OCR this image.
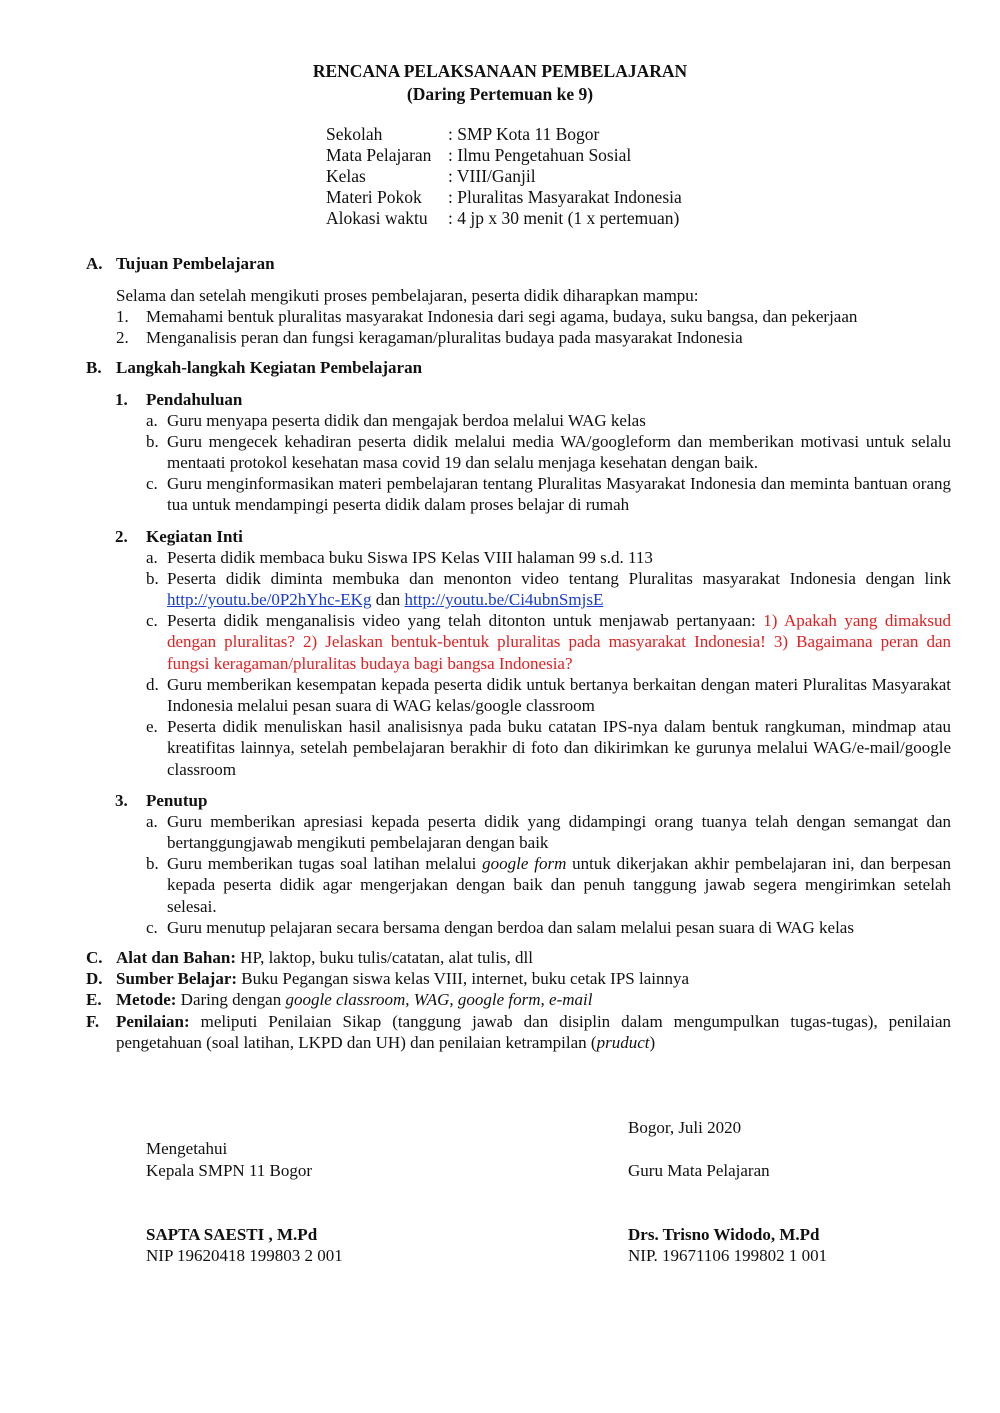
RENCANA PELAKSANAAN PEMBELAJARAN
(Daring Pertemuan ke 9)
Sekolah	: SMP Kota 11 Bogor
Mata Pelajaran : Ilmu Pengetahuan Sosial
Kelas	: VIII/Ganjil
Materi Pokok	: Pluralitas Masyarakat Indonesia
Alokasi waktu	: 4 jp x 30 menit (1 x pertemuan)
A. Tujuan Pembelajaran
Selama dan setelah mengikuti proses pembelajaran, peserta didik diharapkan mampu:
1. Memahami bentuk pluralitas masyarakat Indonesia dari segi agama, budaya, suku bangsa, dan pekerjaan
2. Menganalisis peran dan fungsi keragaman/pluralitas budaya pada masyarakat Indonesia
B. Langkah-langkah Kegiatan Pembelajaran
1. Pendahuluan
a. Guru menyapa peserta didik dan mengajak berdoa melalui WAG kelas
b. Guru mengecek kehadiran peserta didik melalui media WA/googleform dan memberikan motivasi untuk selalu mentaati protokol kesehatan masa covid 19 dan selalu menjaga kesehatan dengan baik.
c. Guru menginformasikan materi pembelajaran tentang Pluralitas Masyarakat Indonesia dan meminta bantuan orang tua untuk mendampingi peserta didik dalam proses belajar di rumah
2. Kegiatan Inti
a. Peserta didik membaca buku Siswa IPS Kelas VIII halaman 99 s.d. 113
b. Peserta didik diminta membuka dan menonton video tentang Pluralitas masyarakat Indonesia dengan link http://youtu.be/0P2hYhc-EKg dan http://youtu.be/Ci4ubnSmjsE
c. Peserta didik menganalisis video yang telah ditonton untuk menjawab pertanyaan: 1) Apakah yang dimaksud dengan pluralitas? 2) Jelaskan bentuk-bentuk pluralitas pada masyarakat Indonesia! 3) Bagaimana peran dan fungsi keragaman/pluralitas budaya bagi bangsa Indonesia?
d. Guru memberikan kesempatan kepada peserta didik untuk bertanya berkaitan dengan materi Pluralitas Masyarakat Indonesia melalui pesan suara di WAG kelas/google classroom
e. Peserta didik menuliskan hasil analisisnya pada buku catatan IPS-nya dalam bentuk rangkuman, mindmap atau kreatifitas lainnya, setelah pembelajaran berakhir di foto dan dikirimkan ke gurunya melalui WAG/e-mail/google classroom
3. Penutup
a. Guru memberikan apresiasi kepada peserta didik yang didampingi orang tuanya telah dengan semangat dan bertanggungjawab mengikuti pembelajaran dengan baik
b. Guru memberikan tugas soal latihan melalui google form untuk dikerjakan akhir pembelajaran ini, dan berpesan kepada peserta didik agar mengerjakan dengan baik dan penuh tanggung jawab segera mengirimkan setelah selesai.
c. Guru menutup pelajaran secara bersama dengan berdoa dan salam melalui pesan suara di WAG kelas
C. Alat dan Bahan: HP, laktop, buku tulis/catatan, alat tulis, dll
D. Sumber Belajar: Buku Pegangan siswa kelas VIII, internet, buku cetak IPS lainnya
E. Metode: Daring dengan google classroom, WAG, google form, e-mail
F. Penilaian: meliputi Penilaian Sikap (tanggung jawab dan disiplin dalam mengumpulkan tugas-tugas), penilaian pengetahuan (soal latihan, LKPD dan UH) dan penilaian ketrampilan (pruduct)
Bogor, Juli 2020
Mengetahui
Kepala SMPN 11 Bogor	Guru Mata Pelajaran
SAPTA SAESTI , M.Pd	Drs. Trisno Widodo, M.Pd
NIP 19620418 199803 2 001	NIP. 19671106 199802 1 001
